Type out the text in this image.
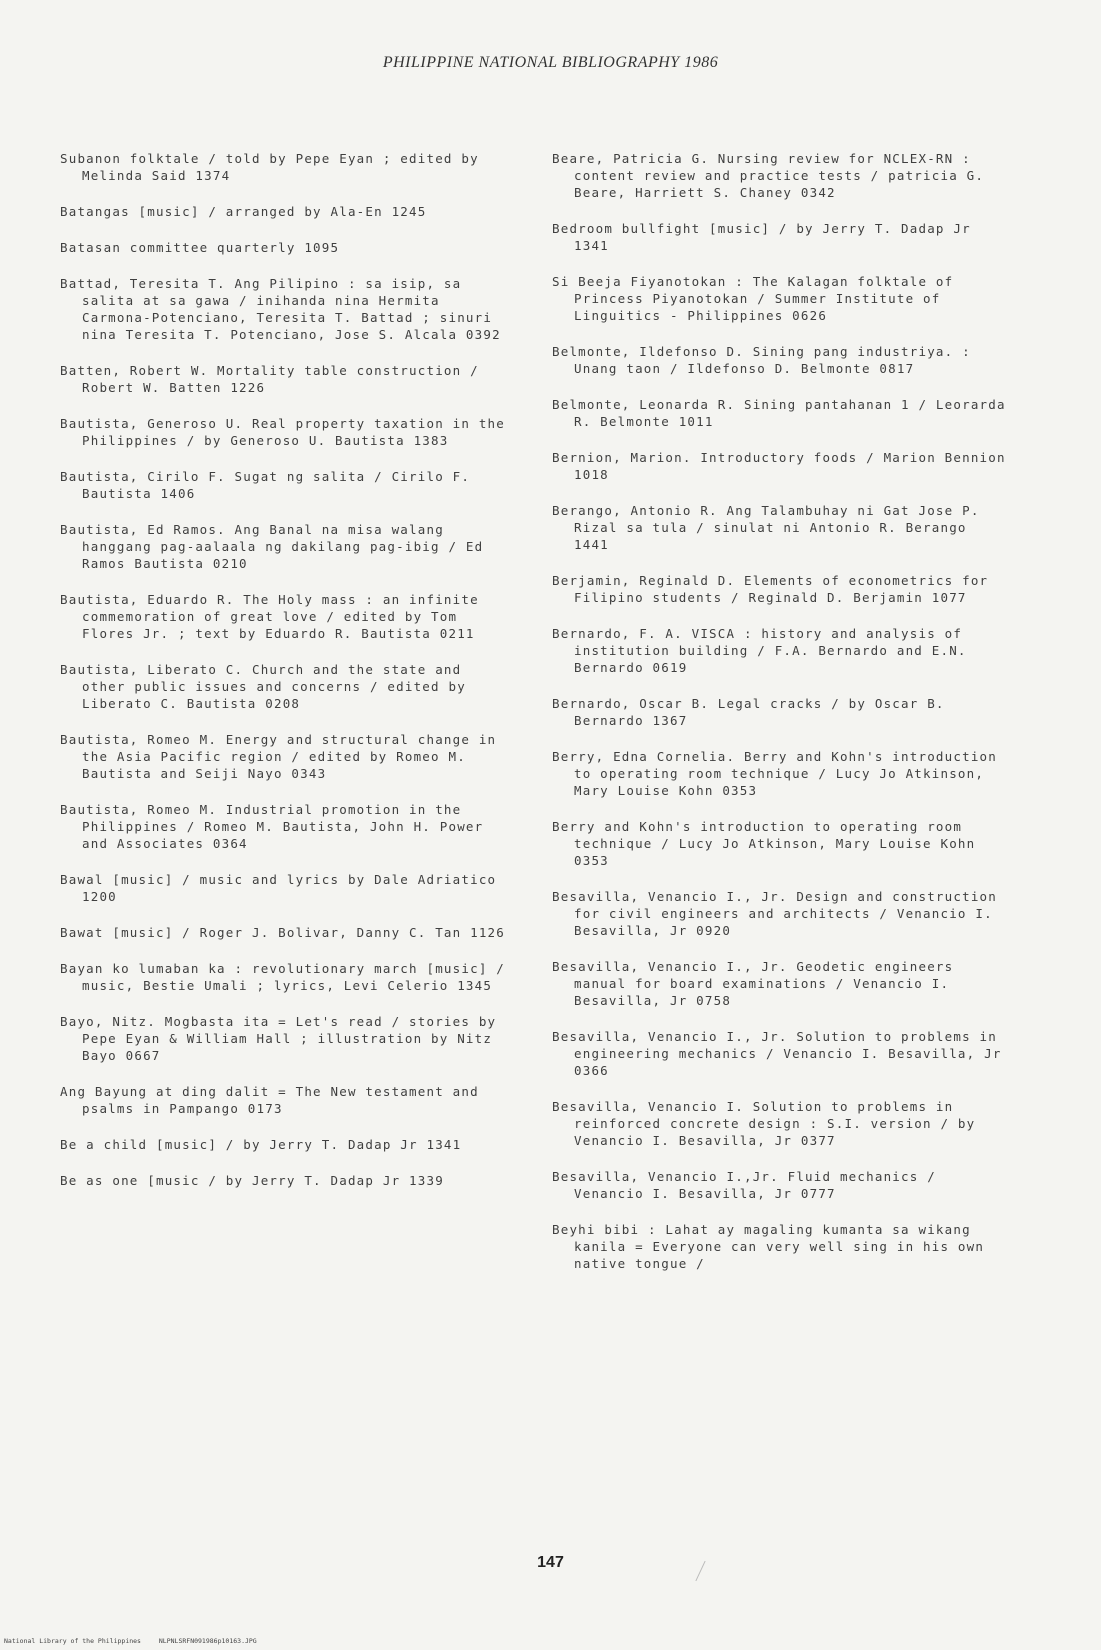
PHILIPPINE NATIONAL BIBLIOGRAPHY 1986
Subanon folktale / told by Pepe Eyan ; edited by Melinda Said 1374
Batangas [music] / arranged by Ala-En 1245
Batasan committee quarterly 1095
Battad, Teresita T. Ang Pilipino : sa isip, sa salita at sa gawa / inihanda nina Hermita Carmona-Potenciano, Teresita T. Battad ; sinuri nina Teresita T. Potenciano, Jose S. Alcala 0392
Batten, Robert W. Mortality table construction / Robert W. Batten 1226
Bautista, Generoso U. Real property taxation in the Philippines / by Generoso U. Bautista 1383
Bautista, Cirilo F. Sugat ng salita / Cirilo F. Bautista 1406
Bautista, Ed Ramos. Ang Banal na misa walang hanggang pag-aalaala ng dakilang pag-ibig / Ed Ramos Bautista 0210
Bautista, Eduardo R. The Holy mass : an infinite commemoration of great love / edited by Tom Flores Jr. ; text by Eduardo R. Bautista 0211
Bautista, Liberato C. Church and the state and other public issues and concerns / edited by Liberato C. Bautista 0208
Bautista, Romeo M. Energy and structural change in the Asia Pacific region / edited by Romeo M. Bautista and Seiji Nayo 0343
Bautista, Romeo M. Industrial promotion in the Philippines / Romeo M. Bautista, John H. Power and Associates 0364
Bawal [music] / music and lyrics by Dale Adriatico 1200
Bawat [music] / Roger J. Bolivar, Danny C. Tan 1126
Bayan ko lumaban ka : revolutionary march [music] / music, Bestie Umali ; lyrics, Levi Celerio 1345
Bayo, Nitz. Mogbasta ita = Let's read / stories by Pepe Eyan & William Hall ; illustration by Nitz Bayo 0667
Ang Bayung at ding dalit = The New testament and psalms in Pampango 0173
Be a child [music] / by Jerry T. Dadap Jr 1341
Be as one [music / by Jerry T. Dadap Jr 1339
Beare, Patricia G. Nursing review for NCLEX-RN : content review and practice tests / patricia G. Beare, Harriett S. Chaney 0342
Bedroom bullfight [music] / by Jerry T. Dadap Jr 1341
Si Beeja Fiyanotokan : The Kalagan folktale of Princess Piyanotokan / Summer Institute of Linguitics - Philippines 0626
Belmonte, Ildefonso D. Sining pang industriya. : Unang taon / Ildefonso D. Belmonte 0817
Belmonte, Leonarda R. Sining pantahanan 1 / Leorarda R. Belmonte 1011
Bernion, Marion. Introductory foods / Marion Bennion 1018
Berango, Antonio R. Ang Talambuhay ni Gat Jose P. Rizal sa tula / sinulat ni Antonio R. Berango 1441
Berjamin, Reginald D. Elements of econometrics for Filipino students / Reginald D. Berjamin 1077
Bernardo, F. A. VISCA : history and analysis of institution building / F.A. Bernardo and E.N. Bernardo 0619
Bernardo, Oscar B. Legal cracks / by Oscar B. Bernardo 1367
Berry, Edna Cornelia. Berry and Kohn's introduction to operating room technique / Lucy Jo Atkinson, Mary Louise Kohn 0353
Berry and Kohn's introduction to operating room technique / Lucy Jo Atkinson, Mary Louise Kohn 0353
Besavilla, Venancio I., Jr. Design and construction for civil engineers and architects / Venancio I. Besavilla, Jr 0920
Besavilla, Venancio I., Jr. Geodetic engineers manual for board examinations / Venancio I. Besavilla, Jr 0758
Besavilla, Venancio I., Jr. Solution to problems in engineering mechanics / Venancio I. Besavilla, Jr 0366
Besavilla, Venancio I. Solution to problems in reinforced concrete design : S.I. version / by Venancio I. Besavilla, Jr 0377
Besavilla, Venancio I.,Jr. Fluid mechanics / Venancio I. Besavilla, Jr 0777
Beyhi bibi : Lahat ay magaling kumanta sa wikang kanila = Everyone can very well sing in his own native tongue /
147
National Library of the Philippines	NLPNLSRFN091986p10163.JPG
